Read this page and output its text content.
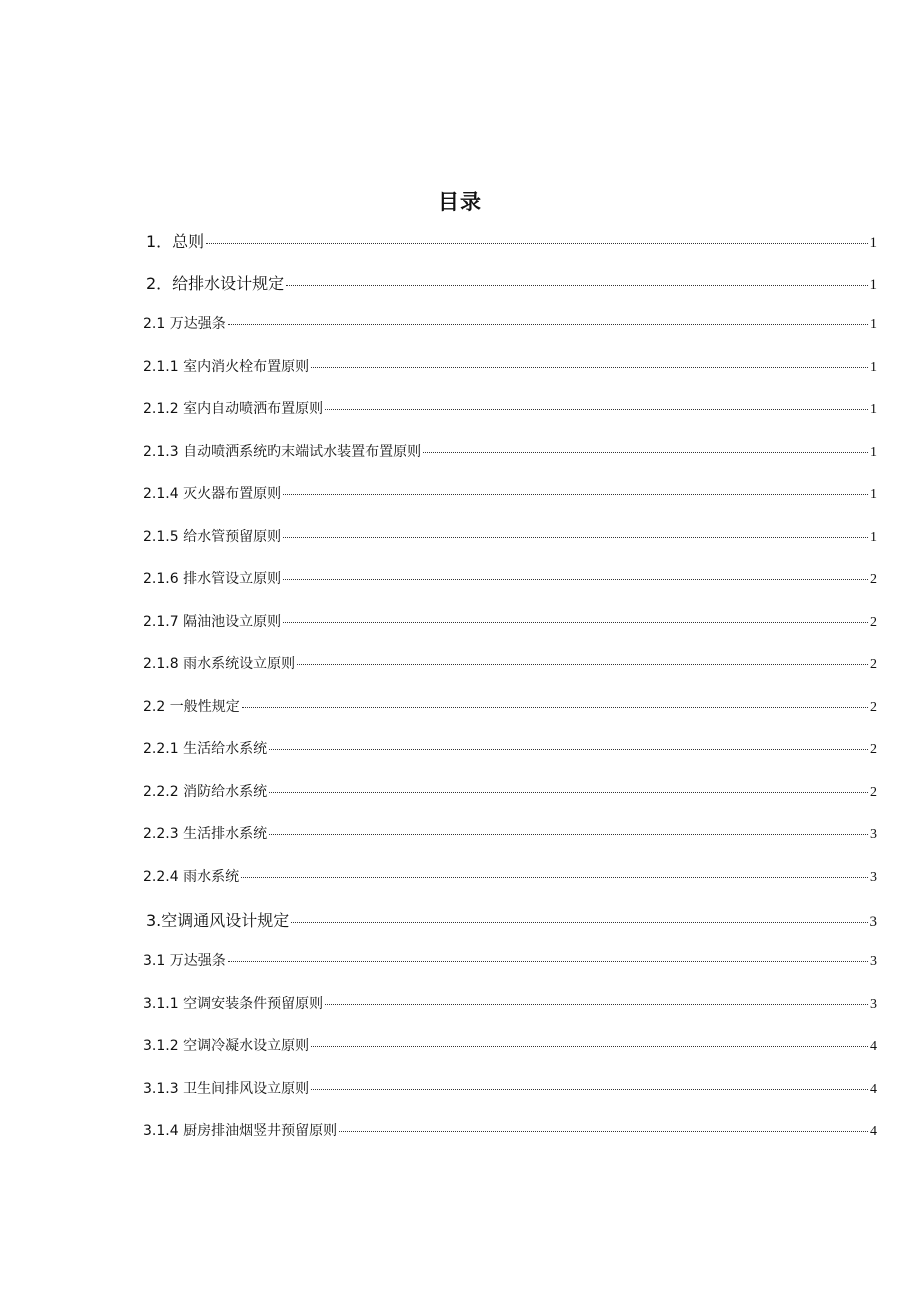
目录
1．总则	1
2．给排水设计规定	1
2.1 万达强条	1
2.1.1 室内消火栓布置原则	1
2.1.2 室内自动喷洒布置原则	1
2.1.3 自动喷洒系统旳末端试水装置布置原则	1
2.1.4 灭火器布置原则	1
2.1.5 给水管预留原则	1
2.1.6 排水管设立原则	2
2.1.7 隔油池设立原则	2
2.1.8 雨水系统设立原则	2
2.2 一般性规定	2
2.2.1 生活给水系统	2
2.2.2 消防给水系统	2
2.2.3 生活排水系统	3
2.2.4 雨水系统	3
3.空调通风设计规定	3
3.1 万达强条	3
3.1.1 空调安装条件预留原则	3
3.1.2 空调冷凝水设立原则	4
3.1.3 卫生间排风设立原则	4
3.1.4 厨房排油烟竖井预留原则	4
